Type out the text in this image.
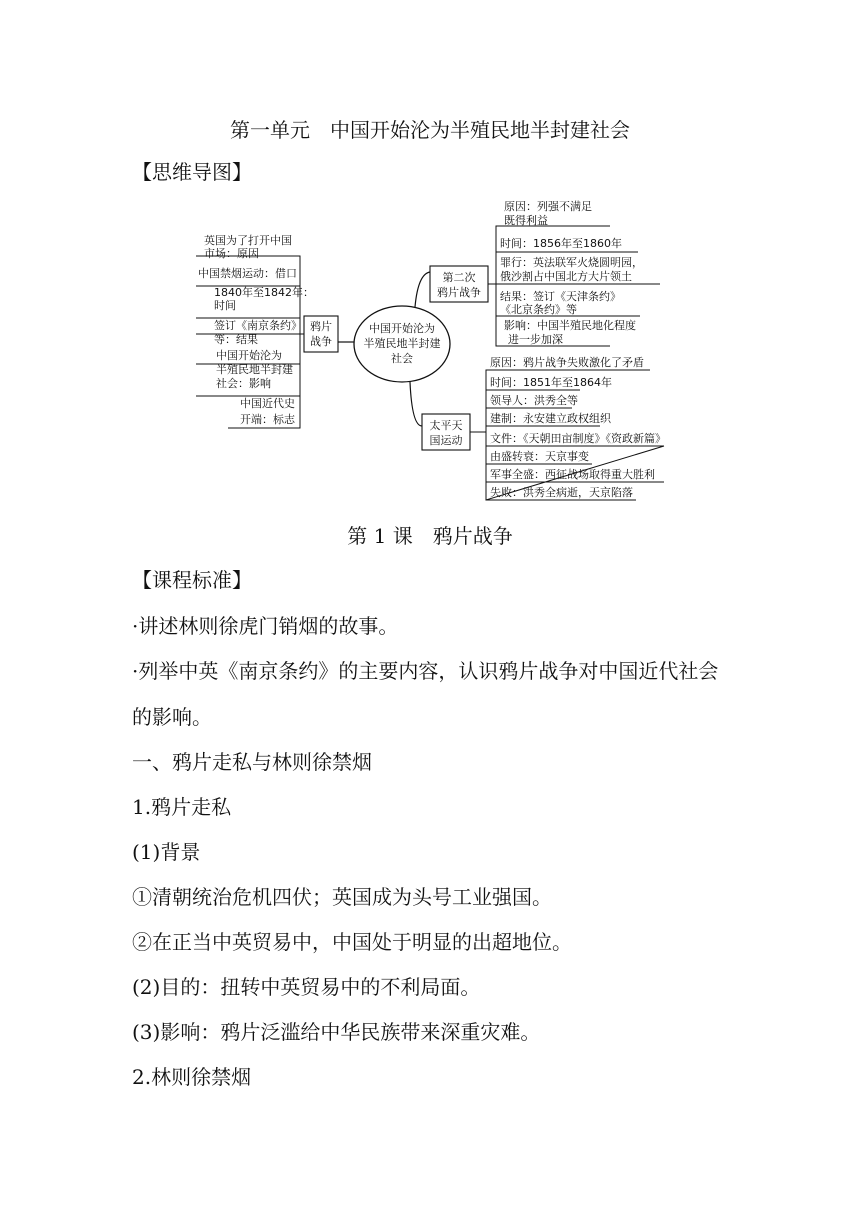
第一单元　中国开始沦为半殖民地半封建社会

【思维导图】

中国开始沦为
半殖民地半封建
社会
鸦片
战争
英国为了打开中国
市场：原因
中国禁烟运动：借口
1840年至1842年：
时间
签订《南京条约》
等：结果
中国开始沦为
半殖民地半封建
社会：影响
中国近代史
开端：标志
第二次
鸦片战争
原因：列强不满足
既得利益
时间：1856年至1860年
罪行：英法联军火烧圆明园，
俄沙割占中国北方大片领土
结果：签订《天津条约》
《北京条约》等
影响：中国半殖民地化程度
进一步加深
太平天
国运动
原因：鸦片战争失败激化了矛盾
时间：1851年至1864年
领导人：洪秀全等
建制：永安建立政权组织
文件：《天朝田亩制度》《资政新篇》
由盛转衰：天京事变
军事全盛：西征战场取得重大胜利
失败：洪秀全病逝，天京陷落
第 1 课　鸦片战争

【课程标准】

·讲述林则徐虎门销烟的故事。

·列举中英《南京条约》的主要内容，认识鸦片战争对中国近代社会

的影响。

一、鸦片走私与林则徐禁烟

1.鸦片走私

(1)背景

①清朝统治危机四伏；英国成为头号工业强国。

②在正当中英贸易中，中国处于明显的出超地位。

(2)目的：扭转中英贸易中的不利局面。

(3)影响：鸦片泛滥给中华民族带来深重灾难。

2.林则徐禁烟
